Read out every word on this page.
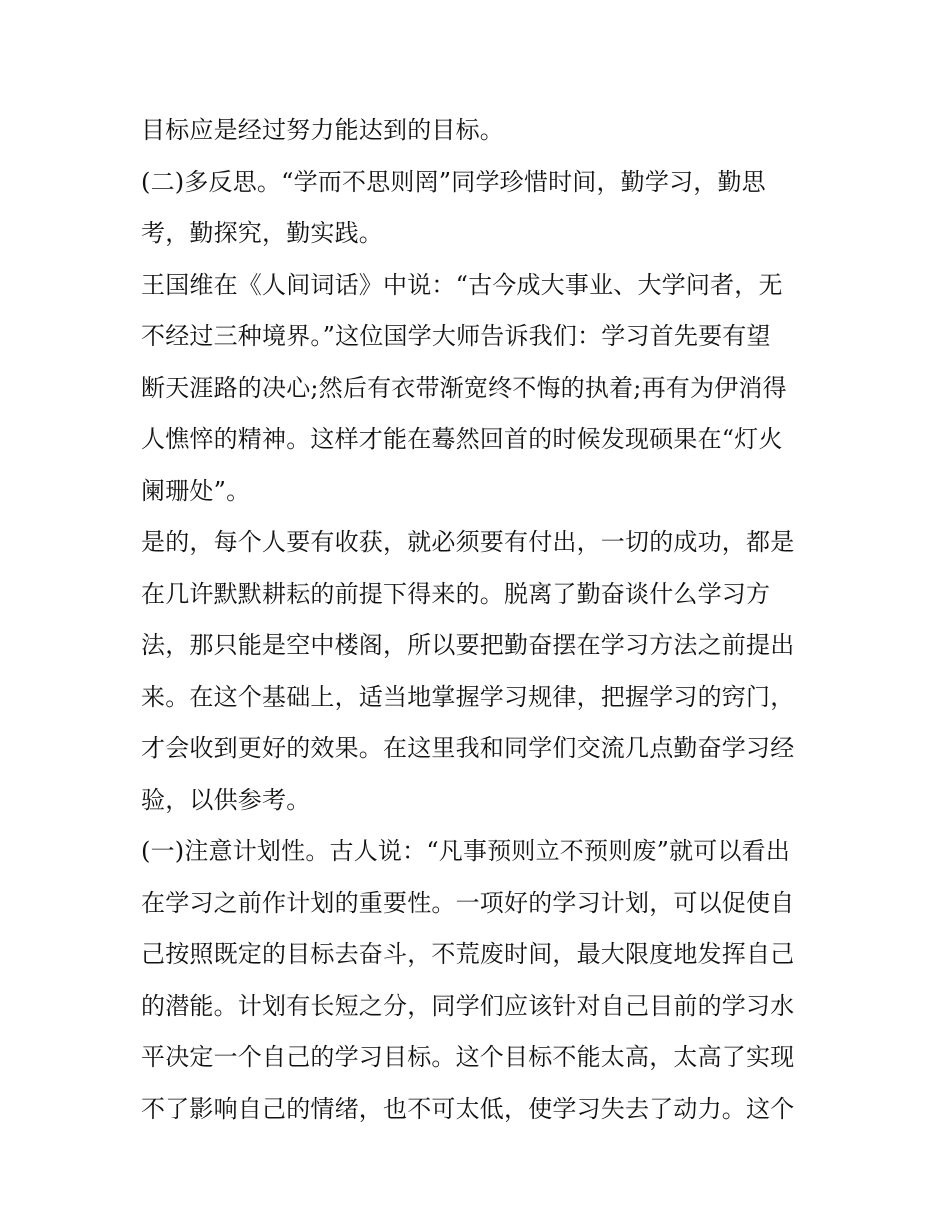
目标应是经过努力能达到的目标。
(二)多反思。“学而不思则罔”同学珍惜时间，勤学习，勤思
考，勤探究，勤实践。
王国维在《人间词话》中说：“古今成大事业、大学问者，无
不经过三种境界。”这位国学大师告诉我们：学习首先要有望
断天涯路的决心;然后有衣带渐宽终不悔的执着;再有为伊消得
人憔悴的精神。这样才能在蓦然回首的时候发现硕果在“灯火
阑珊处”。
是的，每个人要有收获，就必须要有付出，一切的成功，都是
在几许默默耕耘的前提下得来的。脱离了勤奋谈什么学习方
法，那只能是空中楼阁，所以要把勤奋摆在学习方法之前提出
来。在这个基础上，适当地掌握学习规律，把握学习的窍门，
才会收到更好的效果。在这里我和同学们交流几点勤奋学习经
验，以供参考。
(一)注意计划性。古人说：“凡事预则立不预则废”就可以看出
在学习之前作计划的重要性。一项好的学习计划，可以促使自
己按照既定的目标去奋斗，不荒废时间，最大限度地发挥自己
的潜能。计划有长短之分，同学们应该针对自己目前的学习水
平决定一个自己的学习目标。这个目标不能太高，太高了实现
不了影响自己的情绪，也不可太低，使学习失去了动力。这个
